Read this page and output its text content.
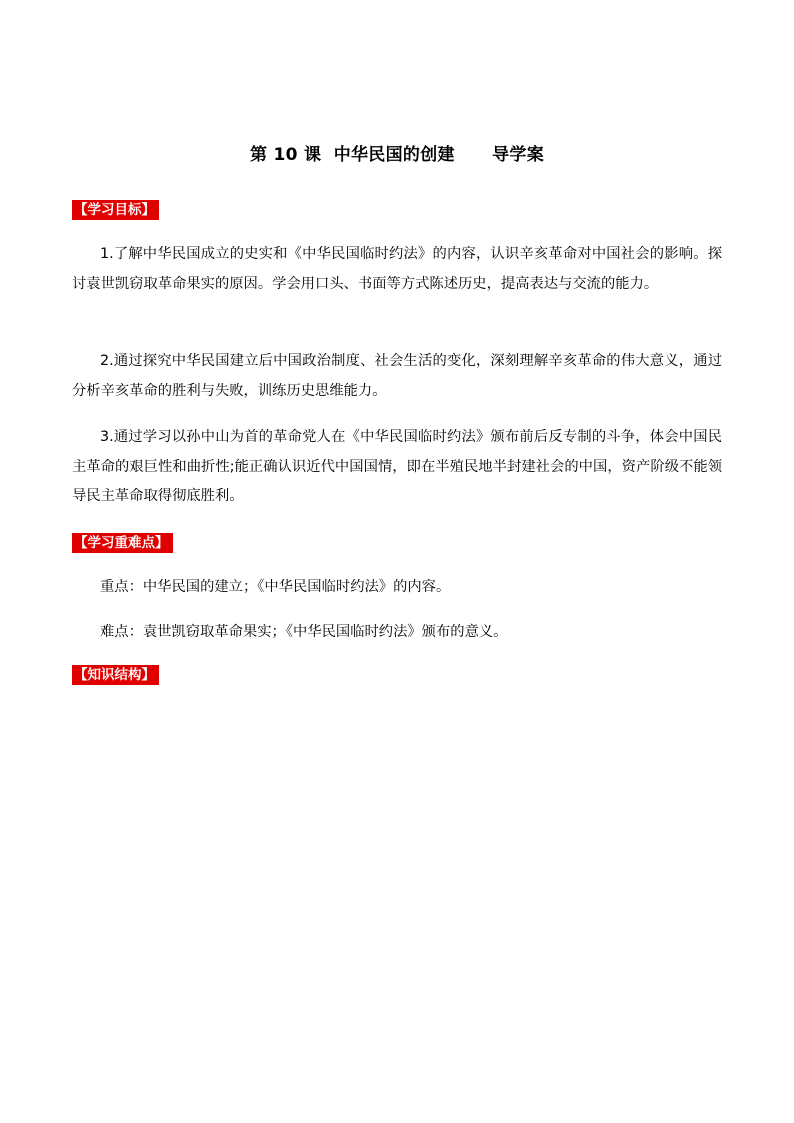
第 10 课  中华民国的创建      导学案
【学习目标】

1.了解中华民国成立的史实和《中华民国临时约法》的内容，认识辛亥革命对中国社会的影响。探讨袁世凯窃取革命果实的原因。学会用口头、书面等方式陈述历史，提高表达与交流的能力。

2.通过探究中华民国建立后中国政治制度、社会生活的变化，深刻理解辛亥革命的伟大意义，通过分析辛亥革命的胜利与失败，训练历史思维能力。

3.通过学习以孙中山为首的革命党人在《中华民国临时约法》颁布前后反专制的斗争，体会中国民主革命的艰巨性和曲折性;能正确认识近代中国国情，即在半殖民地半封建社会的中国，资产阶级不能领导民主革命取得彻底胜利。

【学习重难点】

重点：中华民国的建立；《中华民国临时约法》的内容。

难点：袁世凯窃取革命果实；《中华民国临时约法》颁布的意义。

【知识结构】
